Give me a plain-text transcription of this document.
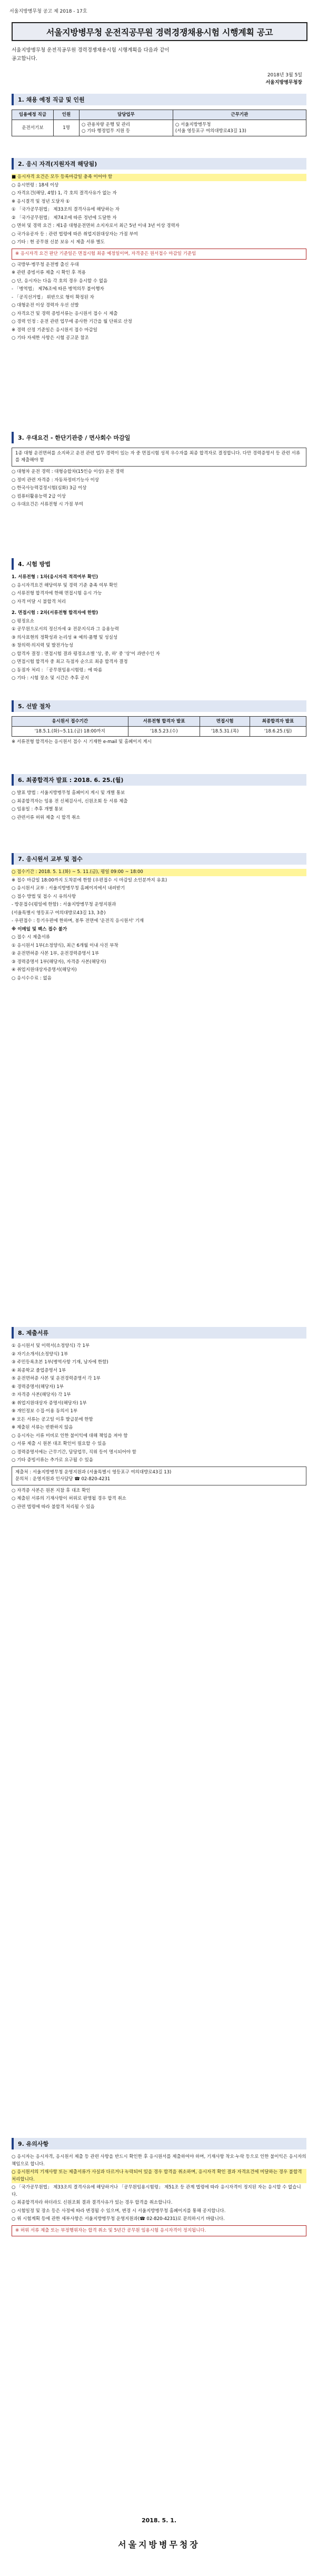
서울지방병무청 공고 제 2018 - 17호
서울지방병무청 운전직공무원 경력경쟁채용시험 시행계획 공고
서울지방병무청 운전직공무원 경력경쟁채용시험 시행계획을 다음과 같이
공고합니다.
2018년 3월 5일
서울지방병무청장
1. 채용 예정 직급 및 인원
임용예정 직급	인원	담당업무	근무기관
운전서기보	1명	○ 관용차량 운행 및 관리
○ 기타 행정업무 지원 등	○ 서울지방병무청
(서울 영등포구 여의대방로43길 13)
2. 응시 자격(지원자격 해당됨)

■ 응시자격 요건은 모두 등록마감일 충족 이어야 함

○ 응시연령 : 18세 이상

○ 자격요건(해당, 4항) 1, 각 호의 결격사유가 없는 자

※ 응시결격 및 정년 도달자 ①

① 「국가공무원법」 제33조의 결격사유에 해당하는 자

② 「국가공무원법」 제74조에 따른 정년에 도달한 자

○ 면허 및 경력 요건 : 제1종 대형운전면허 소지자로서 최근 5년 이내 3년 이상 경력자

○ 국가유공자 등 : 관련 법령에 따른 취업지원대상자는 가점 부여

○ 기타 : 현 공무원 신분 보유 시 제출 서류 별도

※ 응시자격 요건 판단 기준일은 면접시험 최종 예정일이며, 자격증은 원서접수 마감일 기준임

○ 국방부·병무청 운전병 출신 우대

※ 관련 증빙서류 제출 시 확인 후 적용

○ 단, 응시자는 다음 각 호의 경우 응시할 수 없음

- 「병역법」 제76조에 따른 병역의무 불이행자

- 「공직선거법」 위반으로 형이 확정된 자

○ 대형운전 이상 경력자 우선 선발

○ 자격요건 및 경력 증빙서류는 응시원서 접수 시 제출

○ 경력 인정 : 운전 관련 업무에 종사한 기간을 월 단위로 산정

※ 경력 산정 기준일은 응시원서 접수 마감일

○ 기타 자세한 사항은 시험 공고문 참조

3. 우대요건 - 한단기관증 / 면사회수 마감일
1종 대형 운전면허를 소지하고 운전 관련 업무 경력이 있는 자 중 면접시험 성적 우수자를 최종 합격자로 결정합니다. 다만 경력증명서 등 관련 서류를 제출해야 함

○ 대형차 운전 경력 : 대형승합차(15인승 이상) 운전 경력

○ 정비 관련 자격증 : 자동차정비기능사 이상

○ 한국사능력검정시험(심화) 3급 이상

○ 컴퓨터활용능력 2급 이상

○ 우대요건은 서류전형 시 가점 부여

4. 시험 방법

1. 서류전형 : 1차(응시자격 적격여부 확인)

○ 응시자격요건 해당여부 및 경력 기준 충족 여부 확인

○ 서류전형 합격자에 한해 면접시험 응시 가능

○ 자격 미달 시 불합격 처리

2. 면접시험 : 2차(서류전형 합격자에 한함)

○ 평정요소

① 공무원으로서의 정신자세 ② 전문지식과 그 응용능력

③ 의사표현의 정확성과 논리성 ④ 예의·품행 및 성실성

⑤ 창의력·의지력 및 발전가능성

○ 합격자 결정 : 면접시험 결과 평정요소별 '상, 중, 하' 중 '상'이 과반수인 자

○ 면접시험 합격자 중 최고 득점자 순으로 최종 합격자 결정

○ 동점자 처리 : 「공무원임용시험령」에 따름

○ 기타 : 시험 장소 및 시간은 추후 공지

5. 선발 절차
응시원서 접수기간	서류전형 합격자 발표	면접시험	최종합격자 발표
'18.5.1.(화)~5.11.(금) 18:00까지	'18.5.23.(수)	'18.5.31.(목)	'18.6.25.(월)
※ 서류전형 합격자는 응시원서 접수 시 기재한 e-mail 및 홈페이지 게시
6. 최종합격자 발표 : 2018. 6. 25.(월)

○ 발표 방법 : 서울지방병무청 홈페이지 게시 및 개별 통보

○ 최종합격자는 임용 전 신체검사서, 신원조회 등 서류 제출

○ 임용일 : 추후 개별 통보

○ 관련서류 허위 제출 시 합격 취소

7. 응시원서 교부 및 접수

○ 접수기간 : 2018. 5. 1.(화) ~ 5. 11.(금), 평일 09:00 ~ 18:00

※ 접수 마감일 18:00까지 도착분에 한함 (우편접수 시 마감일 소인분까지 유효)

○ 응시원서 교부 : 서울지방병무청 홈페이지에서 내려받기

○ 접수 방법 및 접수 시 유의사항

- 방문접수(평일에 한함) : 서울지방병무청 운영지원과

(서울특별시 영등포구 여의대방로43길 13, 3층)

- 우편접수 : 등기우편에 한하며, 봉투 전면에 '운전직 응시원서' 기재

※ 이메일 및 팩스 접수 불가

○ 접수 시 제출서류

① 응시원서 1부(소정양식), 최근 6개월 이내 사진 부착

② 운전면허증 사본 1부, 운전경력증명서 1부

③ 경력증명서 1부(해당자), 자격증 사본(해당자)

④ 취업지원대상자증명서(해당자)

○ 응시수수료 : 없음

8. 제출서류

① 응시원서 및 이력서(소정양식) 각 1부

② 자기소개서(소정양식) 1부

③ 주민등록초본 1부(병역사항 기재, 남자에 한함)

④ 최종학교 졸업증명서 1부

⑤ 운전면허증 사본 및 운전경력증명서 각 1부

⑥ 경력증명서(해당자) 1부

⑦ 자격증 사본(해당자) 각 1부

⑧ 취업지원대상자 증명서(해당자) 1부

⑨ 개인정보 수집·이용 동의서 1부

※ 모든 서류는 공고일 이후 발급분에 한함

※ 제출된 서류는 반환하지 않음

○ 응시자는 서류 미비로 인한 불이익에 대해 책임을 져야 함

○ 서류 제출 시 원본 대조 확인이 필요할 수 있음

○ 경력증명서에는 근무기간, 담당업무, 직위 등이 명시되어야 함

○ 기타 증빙서류는 추가로 요구될 수 있음

제출처 : 서울지방병무청 운영지원과 (서울특별시 영등포구 여의대방로43길 13)
문의처 : 운영지원과 인사담당 ☎ 02-820-4231

○ 자격증 사본은 원본 지참 후 대조 확인

○ 제출된 서류의 기재사항이 허위로 판명될 경우 합격 취소

○ 관련 법령에 따라 불합격 처리될 수 있음

9. 유의사항

○ 응시자는 응시자격, 응시원서 제출 등 관련 사항을 반드시 확인한 후 응시원서를 제출하여야 하며, 기재사항 착오·누락 등으로 인한 불이익은 응시자의 책임으로 합니다.

○ 응시원서의 기재사항 또는 제출서류가 사실과 다르거나 누락되어 있을 경우 합격을 취소하며, 응시자격 확인 결과 자격요건에 미달하는 경우 불합격 처리합니다.

○ 「국가공무원법」 제33조의 결격사유에 해당하거나 「공무원임용시험령」 제51조 등 관계 법령에 따라 응시자격이 정지된 자는 응시할 수 없습니다.

○ 최종합격자라 하더라도 신원조회 결과 결격사유가 있는 경우 합격을 취소합니다.

○ 시험일정 및 장소 등은 사정에 따라 변경될 수 있으며, 변경 시 서울지방병무청 홈페이지를 통해 공지합니다.

○ 위 시험계획 등에 관한 세부사항은 서울지방병무청 운영지원과(☎ 02-820-4231)로 문의하시기 바랍니다.

※ 허위 서류 제출 또는 부정행위자는 합격 취소 및 5년간 공무원 임용시험 응시자격이 정지됩니다.
2018. 5. 1.
서울지방병무청장
